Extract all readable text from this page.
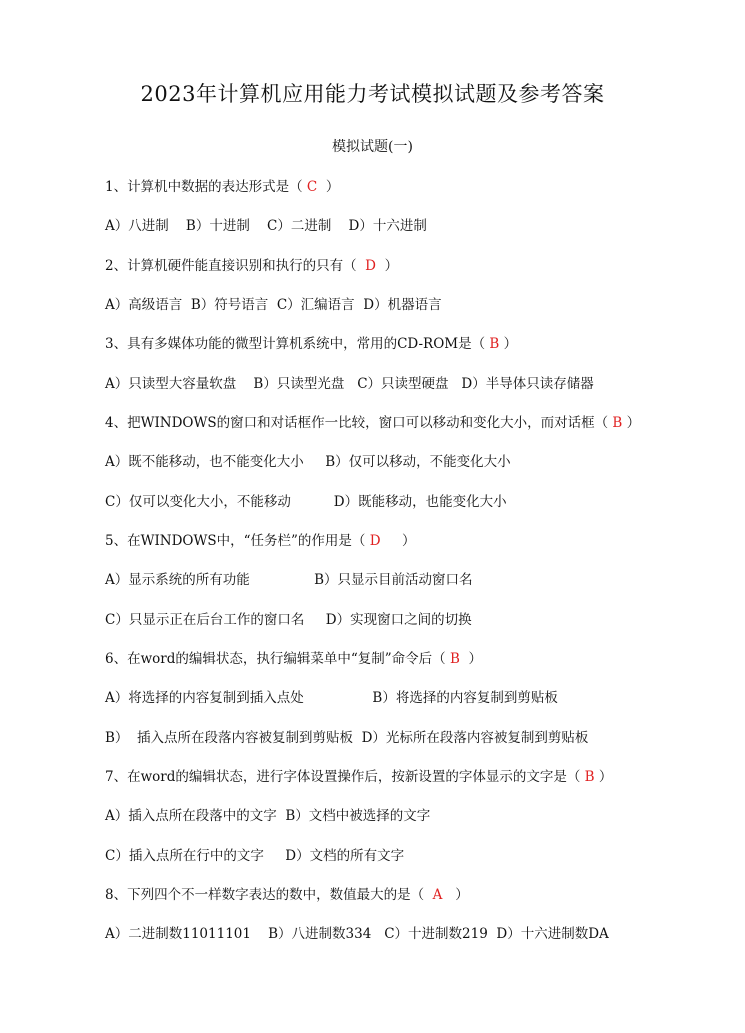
2023年计算机应用能力考试模拟试题及参考答案
模拟试题(一)
1、计算机中数据的表达形式是（ C  ）
A）八进制    B）十进制    C）二进制    D）十六进制
2、计算机硬件能直接识别和执行的只有（  D  ）
A）高级语言  B）符号语言  C）汇编语言  D）机器语言
3、具有多媒体功能的微型计算机系统中，常用的CD-ROM是（ B ）
A）只读型大容量软盘    B）只读型光盘   C）只读型硬盘   D）半导体只读存储器
4、把WINDOWS的窗口和对话框作一比较，窗口可以移动和变化大小，而对话框（ B ）
A）既不能移动，也不能变化大小     B）仅可以移动，不能变化大小
C）仅可以变化大小，不能移动          D）既能移动，也能变化大小
5、在WINDOWS中，“任务栏”的作用是（ D     ）
A）显示系统的所有功能               B）只显示目前活动窗口名
C）只显示正在后台工作的窗口名     D）实现窗口之间的切换
6、在word的编辑状态，执行编辑菜单中“复制”命令后（ B  ）
A）将选择的内容复制到插入点处                B）将选择的内容复制到剪贴板
B）  插入点所在段落内容被复制到剪贴板  D）光标所在段落内容被复制到剪贴板
7、在word的编辑状态，进行字体设置操作后，按新设置的字体显示的文字是（ B ）
A）插入点所在段落中的文字  B）文档中被选择的文字
C）插入点所在行中的文字     D）文档的所有文字
8、下列四个不一样数字表达的数中，数值最大的是（  A   ）
A）二进制数11011101    B）八进制数334   C）十进制数219  D）十六进制数DA
